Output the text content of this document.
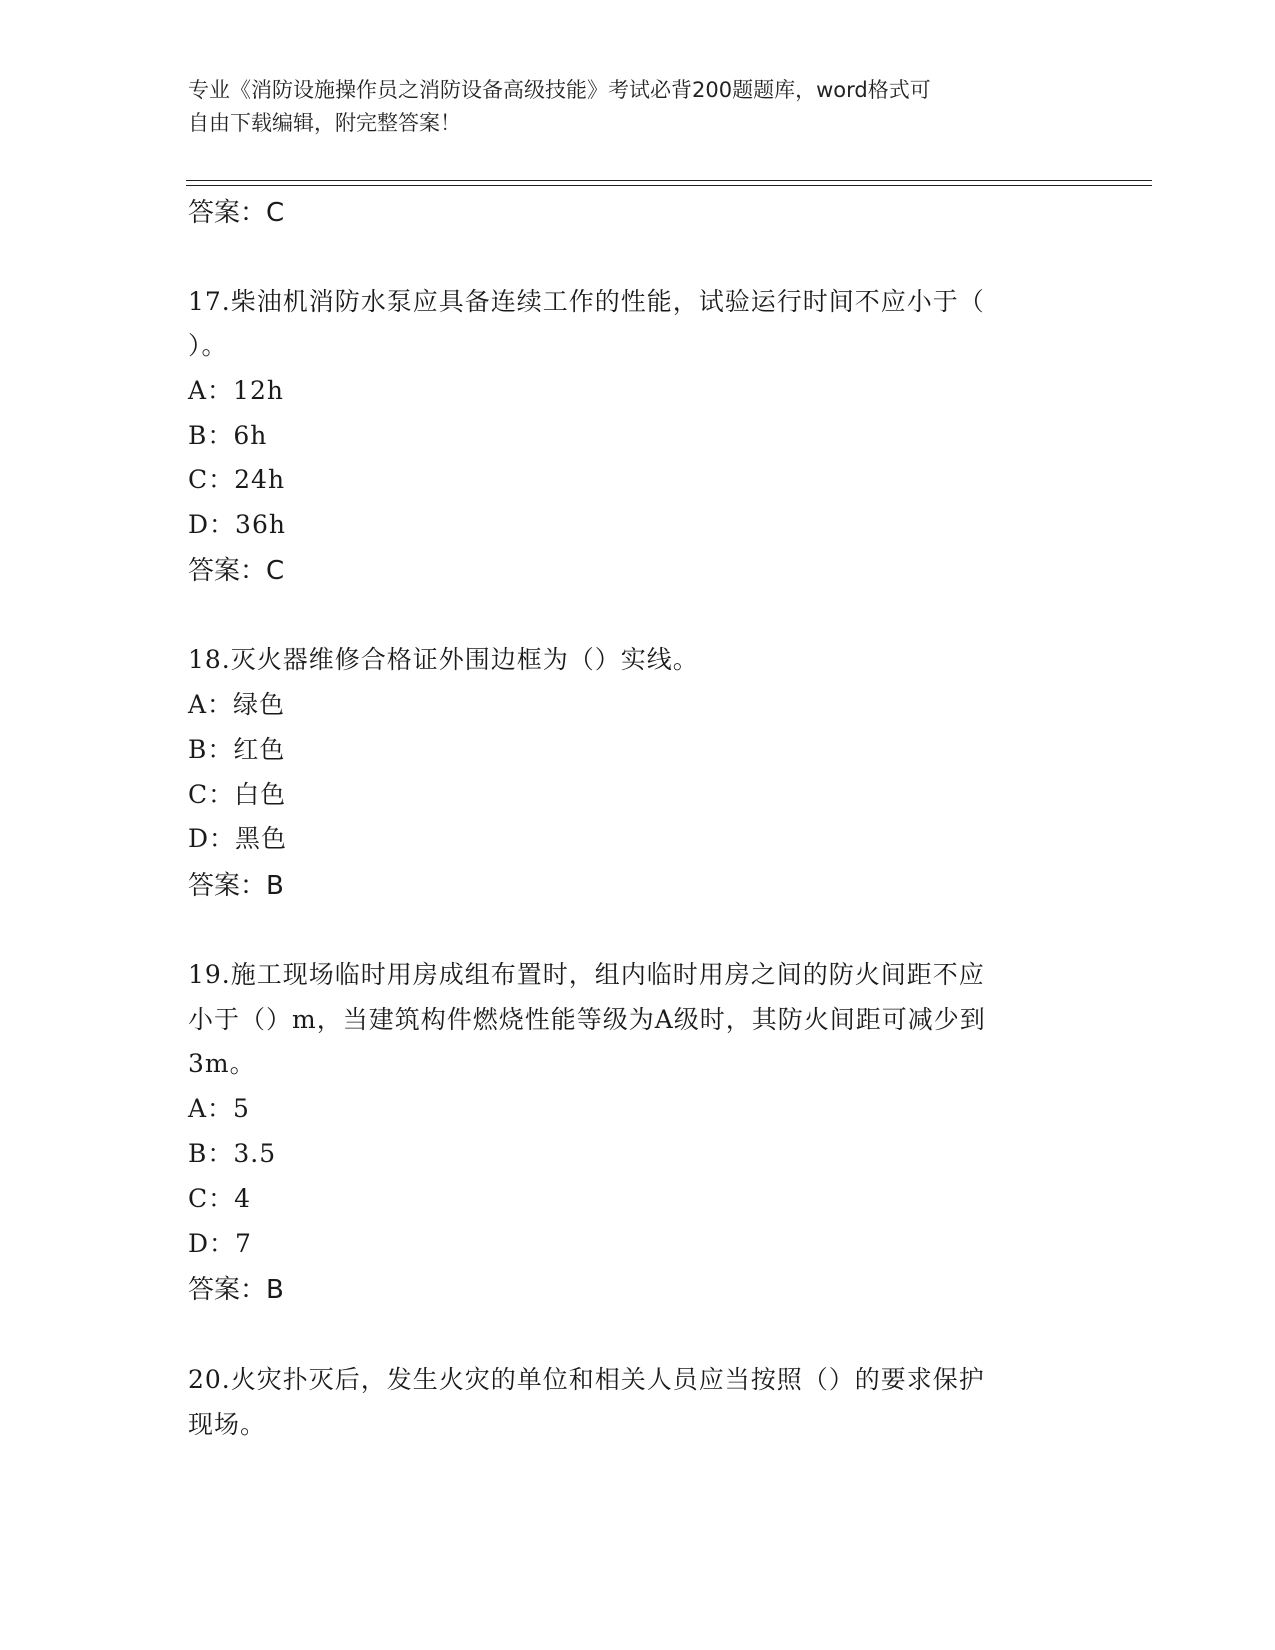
专业《消防设施操作员之消防设备高级技能》考试必背200题题库，word格式可
自由下载编辑，附完整答案！
答案：C
17.柴油机消防水泵应具备连续工作的性能，试验运行时间不应小于（
）。
A：12h
B：6h
C：24h
D：36h
答案：C
18.灭火器维修合格证外围边框为（）实线。
A：绿色
B：红色
C：白色
D：黑色
答案：B
19.施工现场临时用房成组布置时，组内临时用房之间的防火间距不应
小于（）m，当建筑构件燃烧性能等级为A级时，其防火间距可减少到
3m。
A：5
B：3.5
C：4
D：7
答案：B
20.火灾扑灭后，发生火灾的单位和相关人员应当按照（）的要求保护
现场。
